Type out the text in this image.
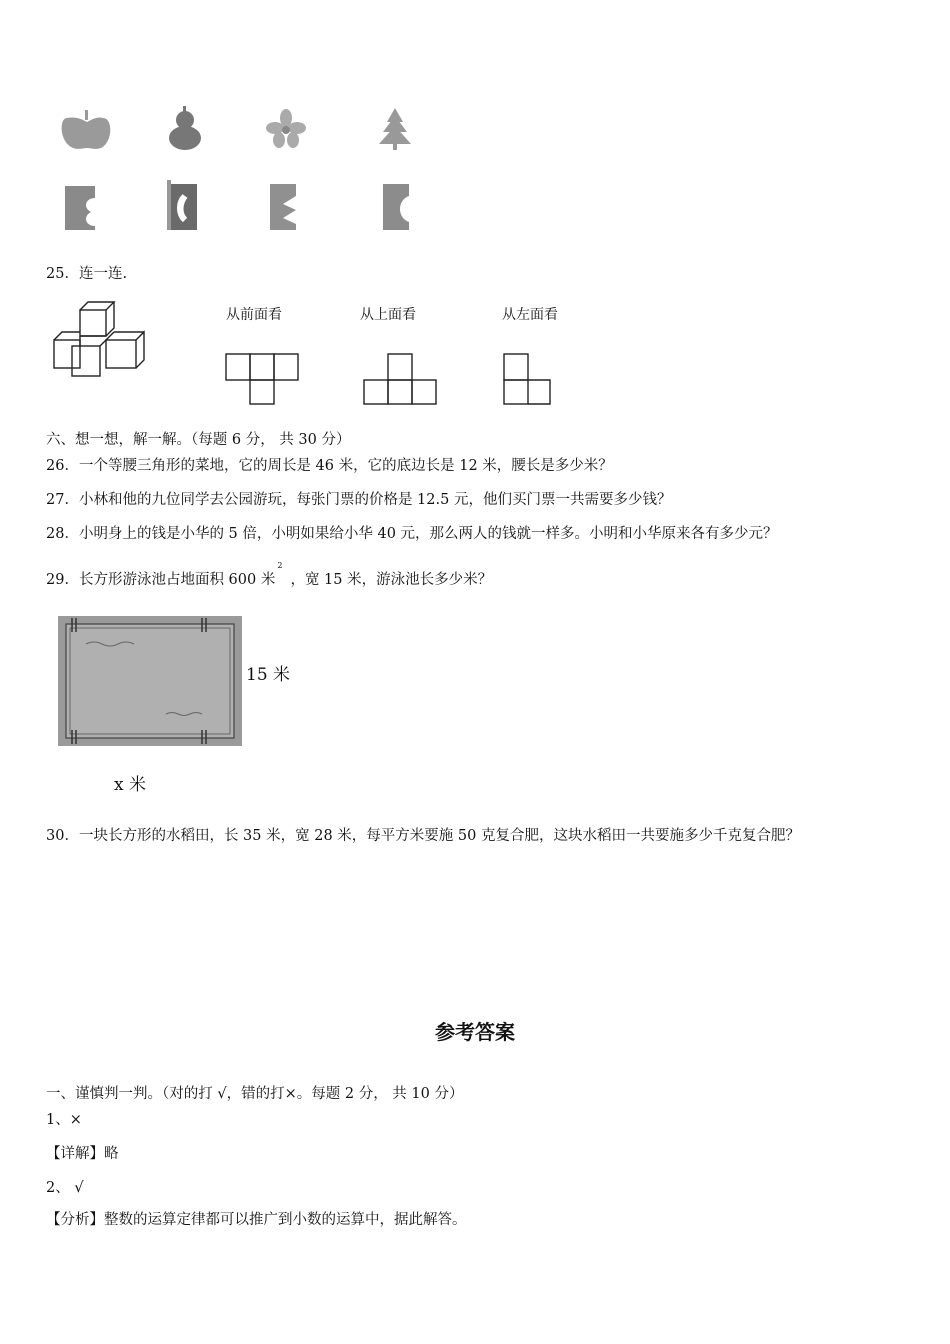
25．连一连.
从前面看	从上面看	从左面看
六、想一想，解一解。（每题 6 分， 共 30 分）
26．一个等腰三角形的菜地，它的周长是 46 米，它的底边长是 12 米，腰长是多少米？
27．小林和他的九位同学去公园游玩，每张门票的价格是 12.5 元，他们买门票一共需要多少钱？
28．小明身上的钱是小华的 5 倍，小明如果给小华 40 元，那么两人的钱就一样多。小明和小华原来各有多少元？
29．长方形游泳池占地面积 600 米$^2$，宽 15 米，游泳池长多少米？
15 米
x 米
30．一块长方形的水稻田，长 35 米，宽 28 米，每平方米要施 50 克复合肥，这块水稻田一共要施多少千克复合肥？
参考答案
一、谨慎判一判。（对的打 √，错的打×。每题 2 分， 共 10 分）
1、×
【详解】略
2、 √
【分析】整数的运算定律都可以推广到小数的运算中，据此解答。
